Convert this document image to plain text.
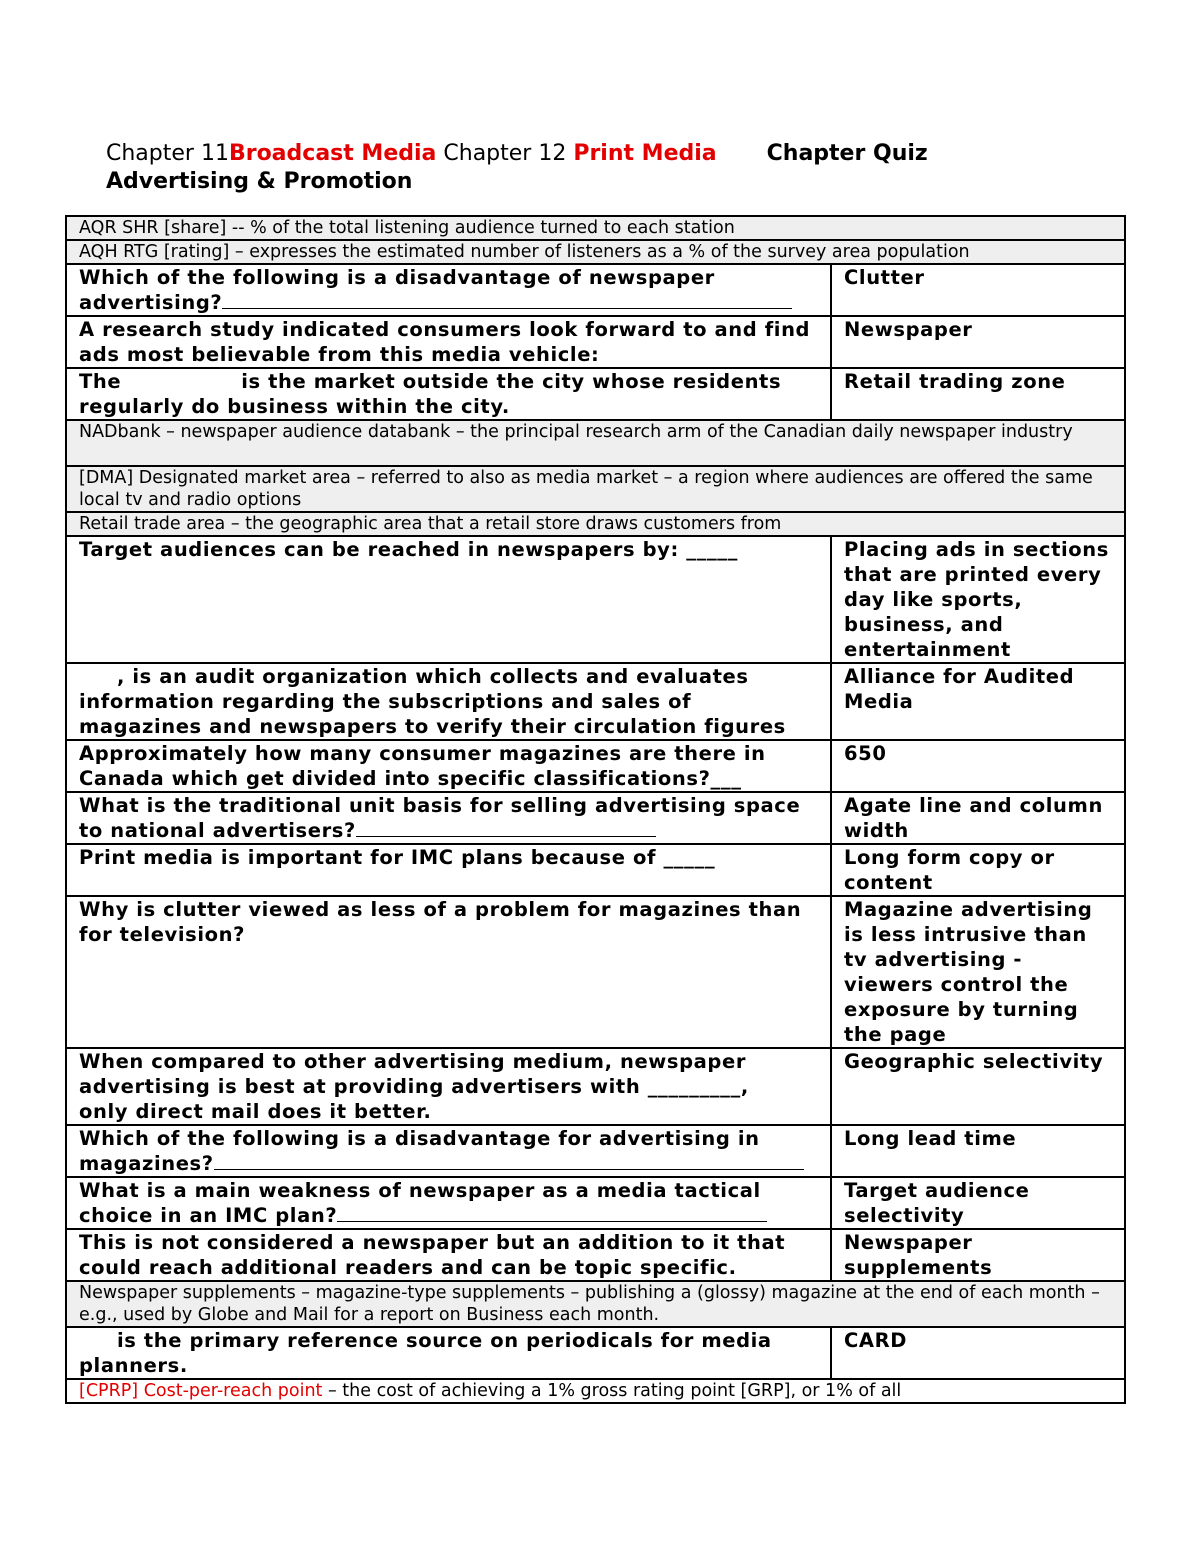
Chapter 11Broadcast Media Chapter 12 Print Media Chapter Quiz
Advertising & Promotion
AQR SHR [share] -- % of the total listening audience turned to each station	
AQH RTG [rating] – expresses the estimated number of listeners as a % of the survey area population	
Which of the following is a disadvantage of newspaper advertising?	Clutter
A research study indicated consumers look forward to and find ads most believable from this media vehicle:	Newspaper
The is the market outside the city whose residents regularly do business within the city.	Retail trading zone
NADbank – newspaper audience databank – the principal research arm of the Canadian daily newspaper industry	
[DMA] Designated market area – referred to also as media market – a region where audiences are offered the same local tv and radio options	
Retail trade area – the geographic area that a retail store draws customers from	
Target audiences can be reached in newspapers by: _____	Placing ads in sections that are printed every day like sports, business, and entertainment
, is an audit organization which collects and evaluates information regarding the subscriptions and sales of magazines and newspapers to verify their circulation figures	Alliance for Audited Media
Approximately how many consumer magazines are there in Canada which get divided into specific classifications?___	650
What is the traditional unit basis for selling advertising space to national advertisers?	Agate line and column width
Print media is important for IMC plans because of _____	Long form copy or content
Why is clutter viewed as less of a problem for magazines than for television?	Magazine advertising is less intrusive than tv advertising - viewers control the exposure by turning the page

When compared to other advertising medium, newspaper advertising is best at providing advertisers with _________,
only direct mail does it better.	Geographic selectivity
Which of the following is a disadvantage for advertising in magazines?	Long lead time
What is a main weakness of newspaper as a media tactical choice in an IMC plan?	Target audience selectivity
This is not considered a newspaper but an addition to it that could reach additional readers and can be topic specific.	Newspaper supplements
Newspaper supplements – magazine-type supplements – publishing a (glossy) magazine at the end of each month – e.g., used by Globe and Mail for a report on Business each month.	
is the primary reference source on periodicals for media planners.	CARD
[CPRP] Cost-per-reach point – the cost of achieving a 1% gross rating point [GRP], or 1% of all	
